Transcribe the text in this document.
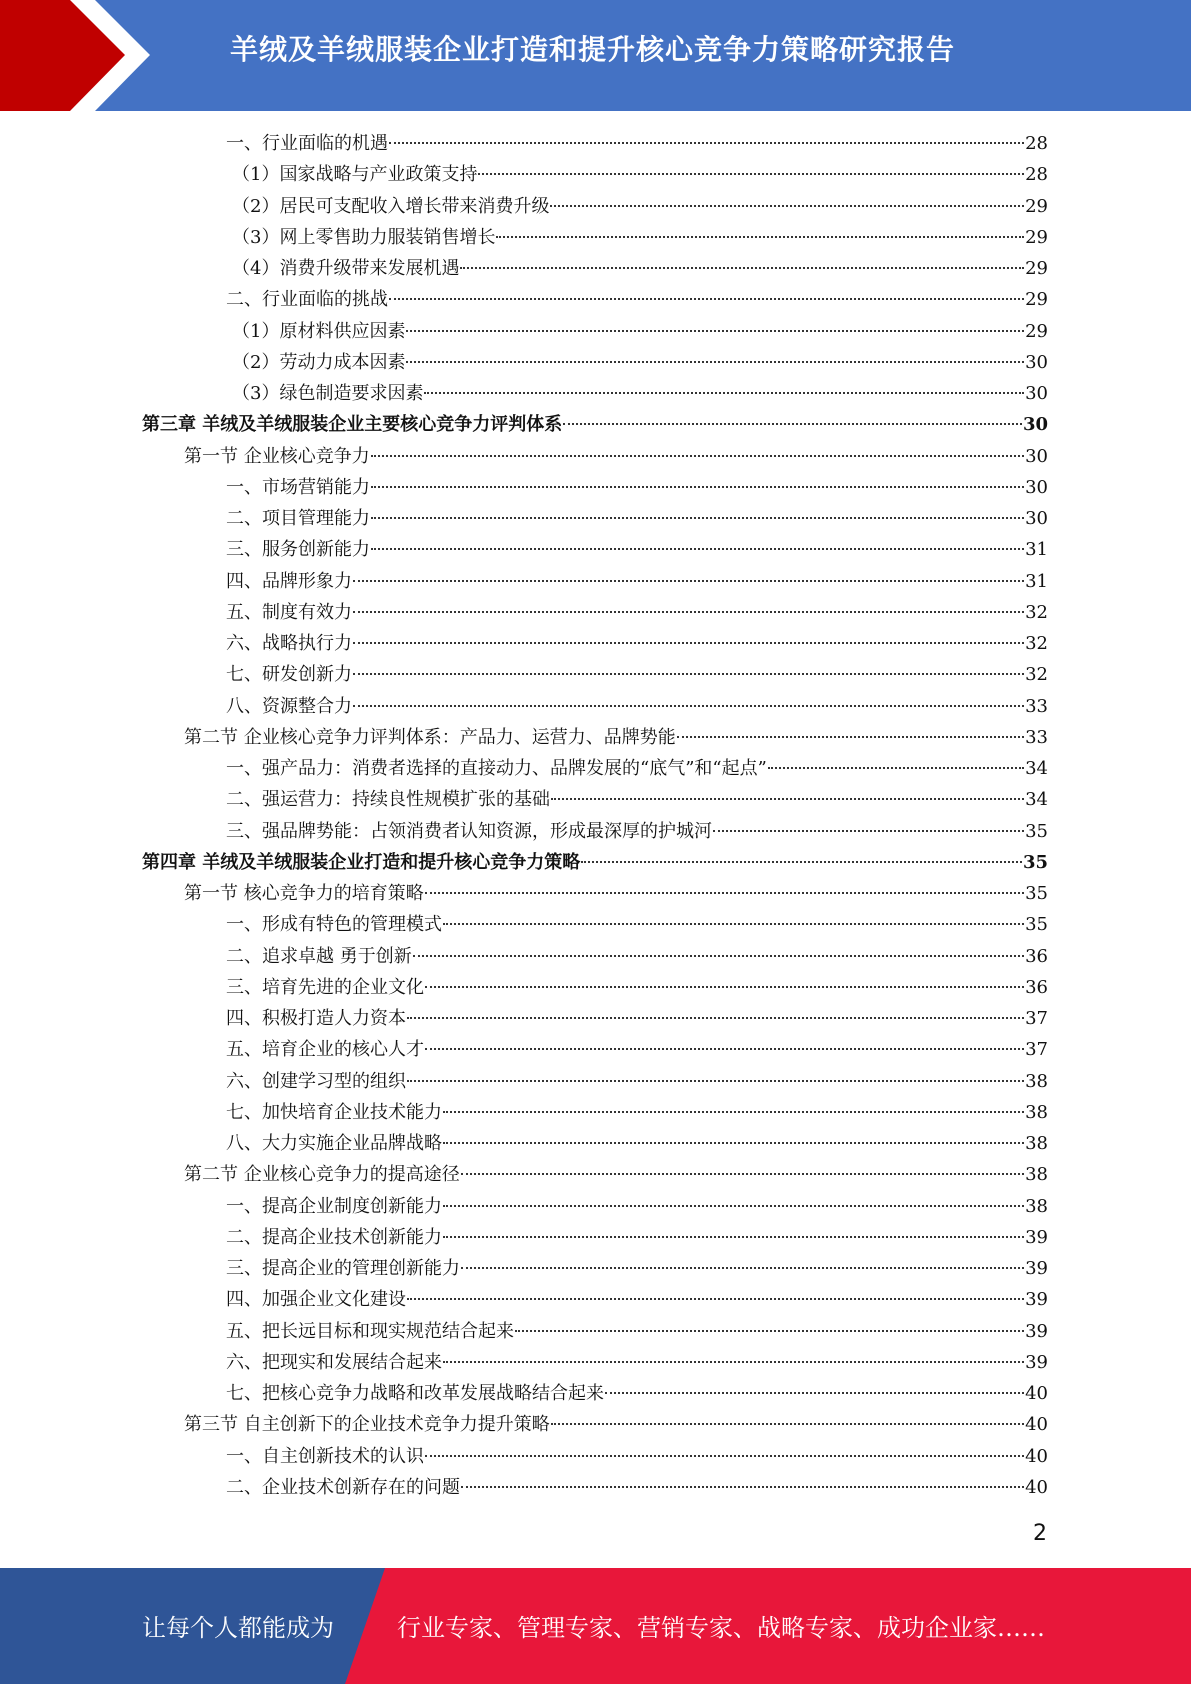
羊绒及羊绒服装企业打造和提升核心竞争力策略研究报告
一、行业面临的机遇	28
（1）国家战略与产业政策支持	28
（2）居民可支配收入增长带来消费升级	29
（3）网上零售助力服装销售增长	29
（4）消费升级带来发展机遇	29
二、行业面临的挑战	29
（1）原材料供应因素	29
（2）劳动力成本因素	30
（3）绿色制造要求因素	30
第三章 羊绒及羊绒服装企业主要核心竞争力评判体系	30
第一节 企业核心竞争力	30
一、市场营销能力	30
二、项目管理能力	30
三、服务创新能力	31
四、品牌形象力	31
五、制度有效力	32
六、战略执行力	32
七、研发创新力	32
八、资源整合力	33
第二节 企业核心竞争力评判体系：产品力、运营力、品牌势能	33
一、强产品力：消费者选择的直接动力、品牌发展的“底气”和“起点”	34
二、强运营力：持续良性规模扩张的基础	34
三、强品牌势能：占领消费者认知资源，形成最深厚的护城河	35
第四章 羊绒及羊绒服装企业打造和提升核心竞争力策略	35
第一节 核心竞争力的培育策略	35
一、形成有特色的管理模式	35
二、追求卓越 勇于创新	36
三、培育先进的企业文化	36
四、积极打造人力资本	37
五、培育企业的核心人才	37
六、创建学习型的组织	38
七、加快培育企业技术能力	38
八、大力实施企业品牌战略	38
第二节 企业核心竞争力的提高途径	38
一、提高企业制度创新能力	38
二、提高企业技术创新能力	39
三、提高企业的管理创新能力	39
四、加强企业文化建设	39
五、把长远目标和现实规范结合起来	39
六、把现实和发展结合起来	39
七、把核心竞争力战略和改革发展战略结合起来	40
第三节 自主创新下的企业技术竞争力提升策略	40
一、自主创新技术的认识	40
二、企业技术创新存在的问题	40
2
让每个人都能成为	行业专家、管理专家、营销专家、战略专家、成功企业家……
